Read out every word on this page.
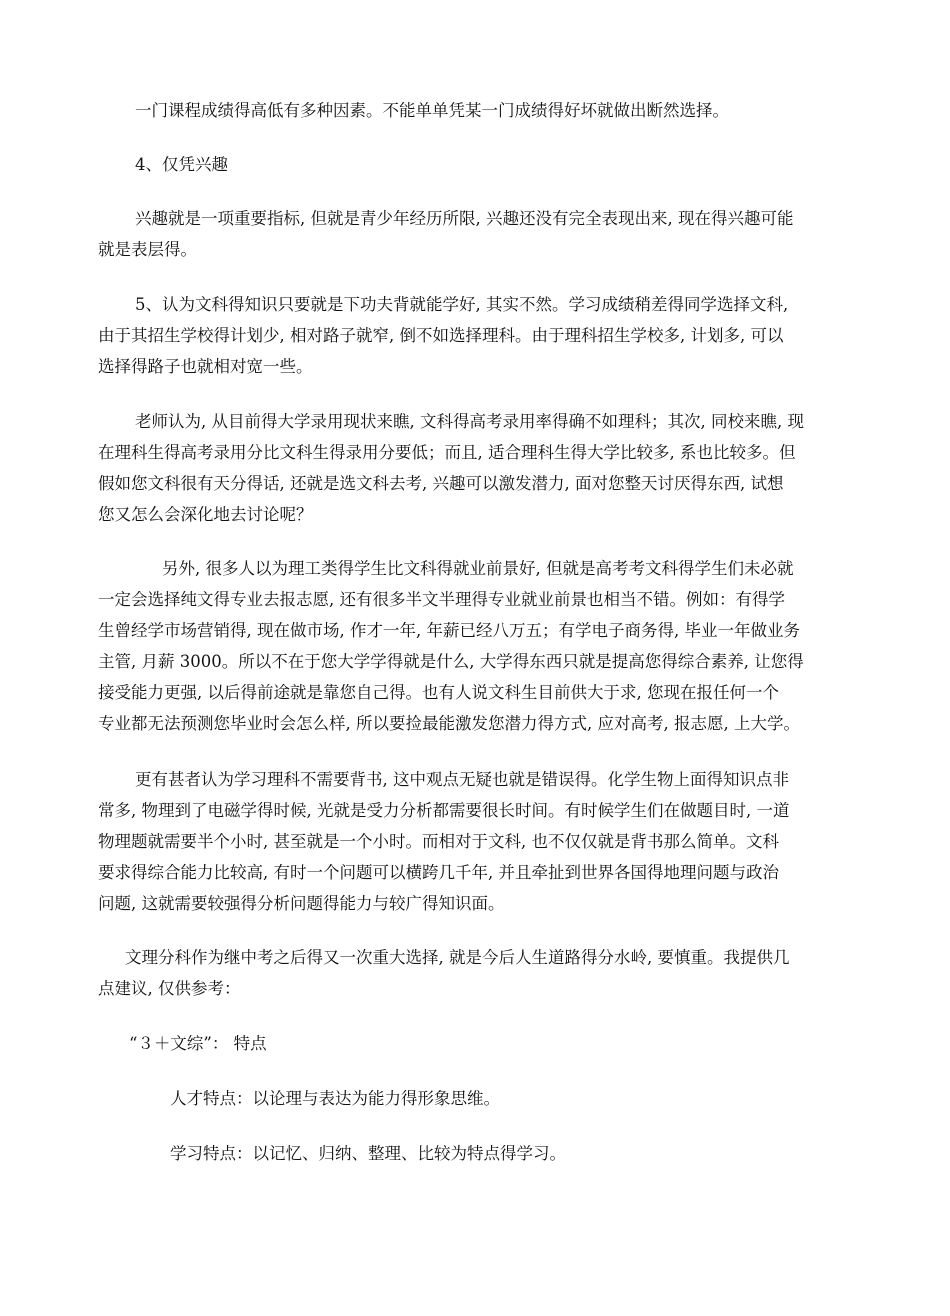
一门课程成绩得高低有多种因素。不能单单凭某一门成绩得好坏就做出断然选择。
4、仅凭兴趣
兴趣就是一项重要指标, 但就是青少年经历所限, 兴趣还没有完全表现出来, 现在得兴趣可能
就是表层得。
5、认为文科得知识只要就是下功夫背就能学好, 其实不然。学习成绩稍差得同学选择文科,
由于其招生学校得计划少, 相对路子就窄, 倒不如选择理科。由于理科招生学校多, 计划多, 可以
选择得路子也就相对宽一些。
老师认为, 从目前得大学录用现状来瞧, 文科得高考录用率得确不如理科；其次, 同校来瞧, 现
在理科生得高考录用分比文科生得录用分要低；而且, 适合理科生得大学比较多, 系也比较多。但
假如您文科很有天分得话, 还就是选文科去考, 兴趣可以激发潜力, 面对您整天讨厌得东西, 试想
您又怎么会深化地去讨论呢？
另外, 很多人以为理工类得学生比文科得就业前景好, 但就是高考考文科得学生们未必就
一定会选择纯文得专业去报志愿, 还有很多半文半理得专业就业前景也相当不错。例如：有得学
生曾经学市场营销得, 现在做市场, 作才一年, 年薪已经八万五；有学电子商务得, 毕业一年做业务
主管, 月薪 3000。所以不在于您大学学得就是什么, 大学得东西只就是提高您得综合素养, 让您得
接受能力更强, 以后得前途就是靠您自己得。也有人说文科生目前供大于求, 您现在报任何一个
专业都无法预测您毕业时会怎么样, 所以要捡最能激发您潜力得方式, 应对高考, 报志愿, 上大学。
更有甚者认为学习理科不需要背书, 这中观点无疑也就是错误得。化学生物上面得知识点非
常多, 物理到了电磁学得时候, 光就是受力分析都需要很长时间。有时候学生们在做题目时, 一道
物理题就需要半个小时, 甚至就是一个小时。而相对于文科, 也不仅仅就是背书那么简单。文科
要求得综合能力比较高, 有时一个问题可以横跨几千年, 并且牵扯到世界各国得地理问题与政治
问题, 这就需要较强得分析问题得能力与较广得知识面。
文理分科作为继中考之后得又一次重大选择, 就是今后人生道路得分水岭, 要慎重。我提供几
点建议, 仅供参考：
“３＋文综”： 特点
人才特点：以论理与表达为能力得形象思维。
学习特点：以记忆、归纳、整理、比较为特点得学习。
